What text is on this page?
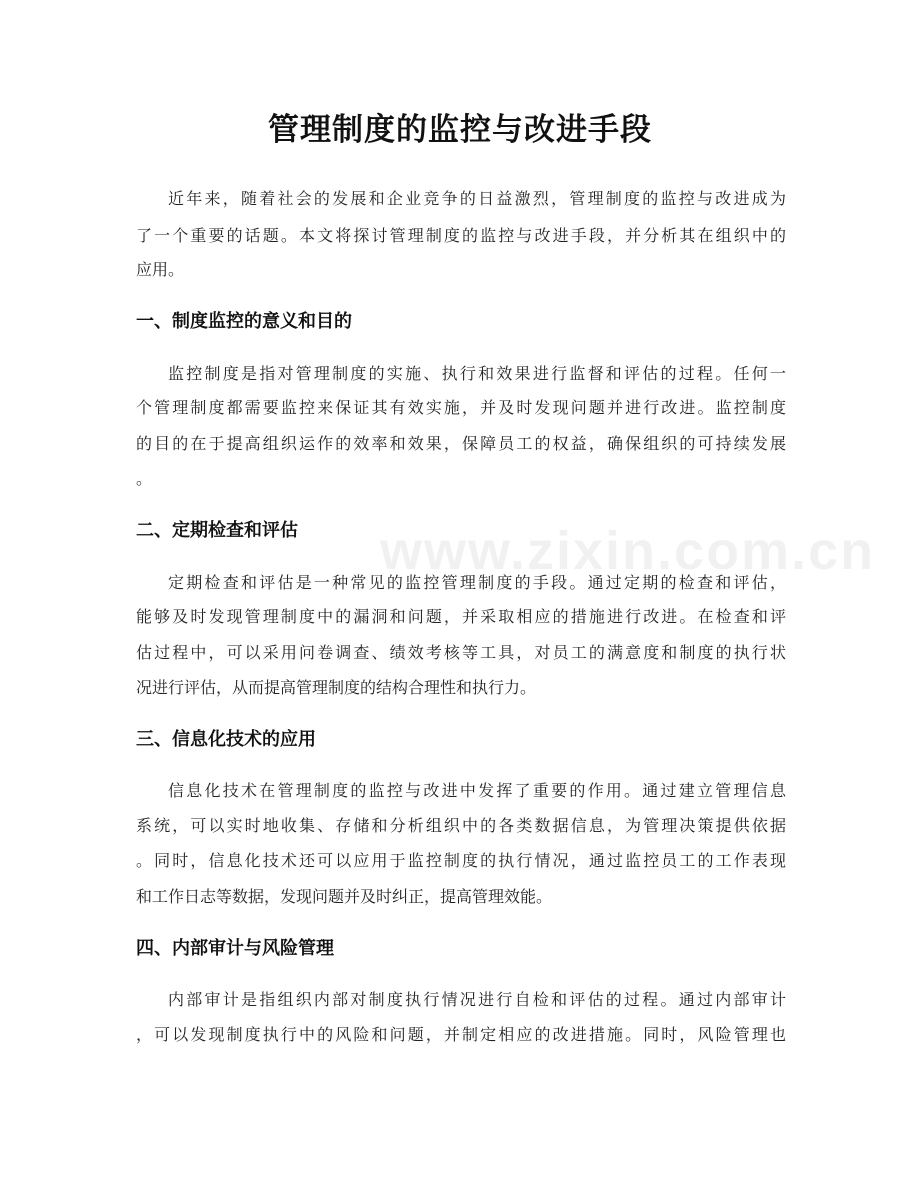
www.zixin.com.cn
管理制度的监控与改进手段
近年来，随着社会的发展和企业竞争的日益激烈，管理制度的监控与改进成为
了一个重要的话题。本文将探讨管理制度的监控与改进手段，并分析其在组织中的
应用。
一、制度监控的意义和目的
监控制度是指对管理制度的实施、执行和效果进行监督和评估的过程。任何一
个管理制度都需要监控来保证其有效实施，并及时发现问题并进行改进。监控制度
的目的在于提高组织运作的效率和效果，保障员工的权益，确保组织的可持续发展
。
二、定期检查和评估
定期检查和评估是一种常见的监控管理制度的手段。通过定期的检查和评估，
能够及时发现管理制度中的漏洞和问题，并采取相应的措施进行改进。在检查和评
估过程中，可以采用问卷调查、绩效考核等工具，对员工的满意度和制度的执行状
况进行评估，从而提高管理制度的结构合理性和执行力。
三、信息化技术的应用
信息化技术在管理制度的监控与改进中发挥了重要的作用。通过建立管理信息
系统，可以实时地收集、存储和分析组织中的各类数据信息，为管理决策提供依据
。同时，信息化技术还可以应用于监控制度的执行情况，通过监控员工的工作表现
和工作日志等数据，发现问题并及时纠正，提高管理效能。
四、内部审计与风险管理
内部审计是指组织内部对制度执行情况进行自检和评估的过程。通过内部审计
，可以发现制度执行中的风险和问题，并制定相应的改进措施。同时，风险管理也
